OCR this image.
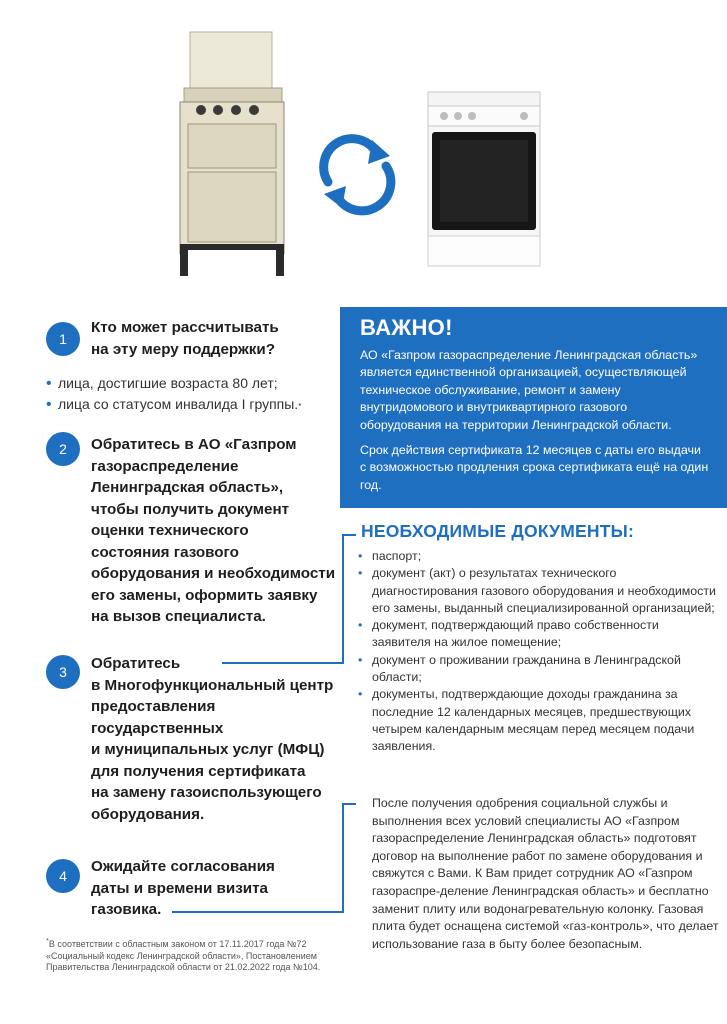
1
Кто может рассчитывать
на эту меру поддержки?
• лица, достигшие возраста 80 лет;
• лица со статусом инвалида I $группы._*$
2 Обратитесь в АО «Газпром
газораспределение
Ленинградская область»,
чтобы получить документ
оценки технического
состояния газового
оборудования и необходимости
его замены, оформить заявку
на вызов специалиста.
3 Обратитесь
в Многофункциональный центр
предоставления
государственных
и муниципальных услуг (МФЦ)
для получения сертификата
на замену газоиспользующего
оборудования.
4
Ожидайте согласования
даты и времени визита
газовика.
ВАЖНО!

АО «Газпром газораспределение Ленинградская область» является единственной организацией, осуществляющей техническое обслуживание, ремонт и замену внутридомового и внутриквартирного газового оборудования на территории Ленинградской области.

Срок действия сертификата 12 месяцев с даты его выдачи с возможностью продления срока сертификата ещё на один год.

НЕОБХОДИМЫЕ ДОКУМЕНТЫ:
• паспорт;
• документ (акт) о результатах технического диагностирования газового оборудования и необходимости его замены, выданный специализированной организацией;
• документ, подтверждающий право собственности заявителя на жилое помещение;
• документ о проживании гражданина в Ленинградской области;
• документы, подтверждающие доходы гражданина за последние 12 календарных месяцев, предшествующих четырем календарным месяцам перед месяцем подачи заявления.
После получения одобрения социальной службы и выполнения всех условий специалисты АО «Газпром газораспределение Ленинградская область» подготовят договор на выполнение работ по замене оборудования и свяжутся с Вами. К Вам придет сотрудник АО «Газпром газораспре-деление Ленинградская область» и бесплатно заменит плиту или водонагревательную колонку. Газовая плита будет оснащена системой «газ-контроль», что делает использование газа в быту более безопасным.
*В соответствии с областным законом от 17.11.2017 года №72 «Социальный кодекс Ленинградской области», Постановлением Правительства Ленинградской области от 21.02.2022 года №104.
